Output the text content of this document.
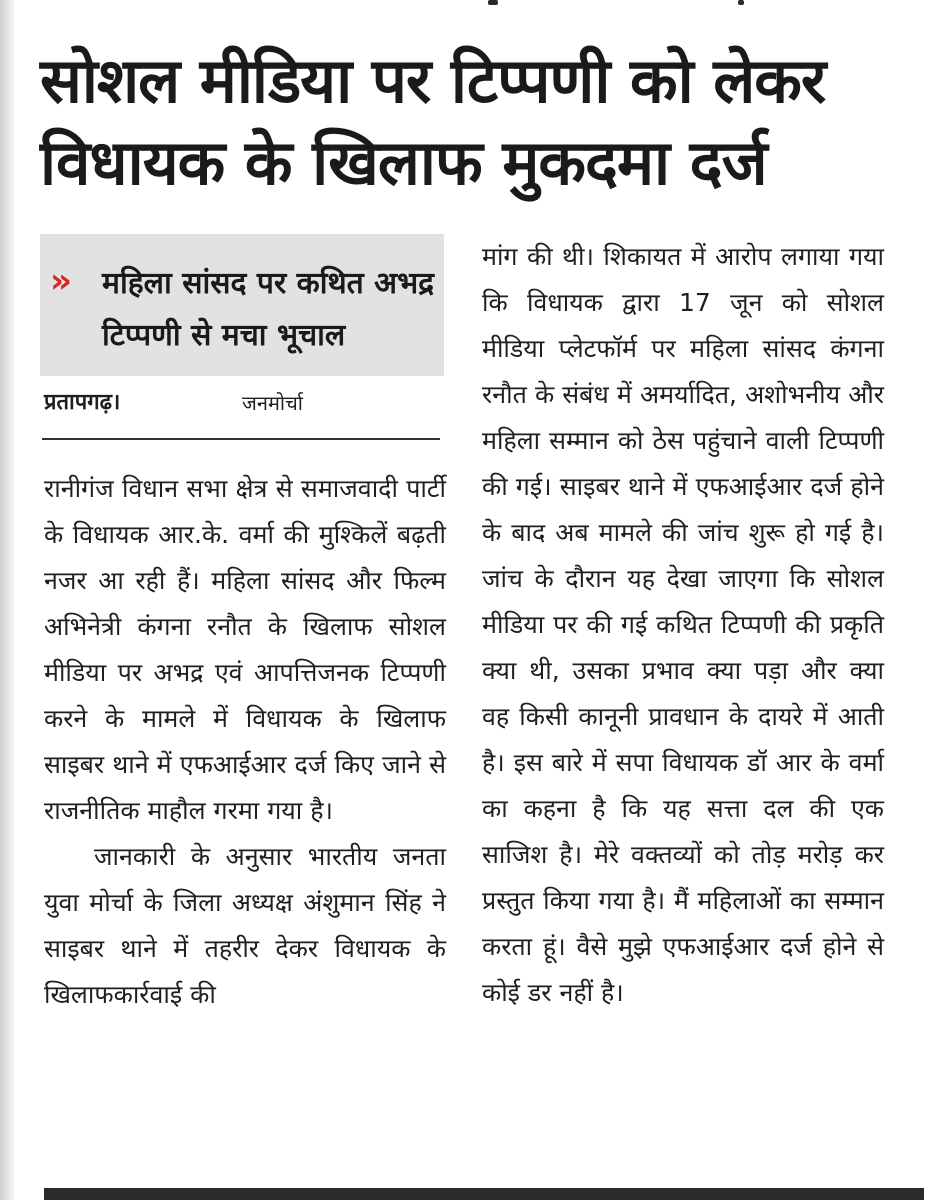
सोशल मीडिया पर टिप्पणी को लेकर
विधायक के खिलाफ मुकदमा दर्ज
» महिला सांसद पर कथित अभद्र टिप्पणी से मचा भूचाल
प्रतापगढ़।	जनमोर्चा

रानीगंज विधान सभा क्षेत्र से समाजवादी पार्टी के विधायक आर.के. वर्मा की मुश्किलें बढ़ती नजर आ रही हैं। महिला सांसद और फिल्म अभिनेत्री कंगना रनौत के खिलाफ सोशल मीडिया पर अभद्र एवं आपत्तिजनक टिप्पणी करने के मामले में विधायक के खिलाफ साइबर थाने में एफआईआर दर्ज किए जाने से राजनीतिक माहौल गरमा गया है।

जानकारी के अनुसार भारतीय जनता युवा मोर्चा के जिला अध्यक्ष अंशुमान सिंह ने साइबर थाने में तहरीर देकर विधायक के खिलाफकार्रवाई की

मांग की थी। शिकायत में आरोप लगाया गया कि विधायक द्वारा 17 जून को सोशल मीडिया प्लेटफॉर्म पर महिला सांसद कंगना रनौत के संबंध में अमर्यादित, अशोभनीय और महिला सम्मान को ठेस पहुंचाने वाली टिप्पणी की गई। साइबर थाने में एफआईआर दर्ज होने के बाद अब मामले की जांच शुरू हो गई है। जांच के दौरान यह देखा जाएगा कि सोशल मीडिया पर की गई कथित टिप्पणी की प्रकृति क्या थी, उसका प्रभाव क्या पड़ा और क्या वह किसी कानूनी प्रावधान के दायरे में आती है। इस बारे में सपा विधायक डॉ आर के वर्मा का कहना है कि यह सत्ता दल की एक साजिश है। मेरे वक्तव्यों को तोड़ मरोड़ कर प्रस्तुत किया गया है। मैं महिलाओं का सम्मान करता हूं। वैसे मुझे एफआईआर दर्ज होने से कोई डर नहीं है।
